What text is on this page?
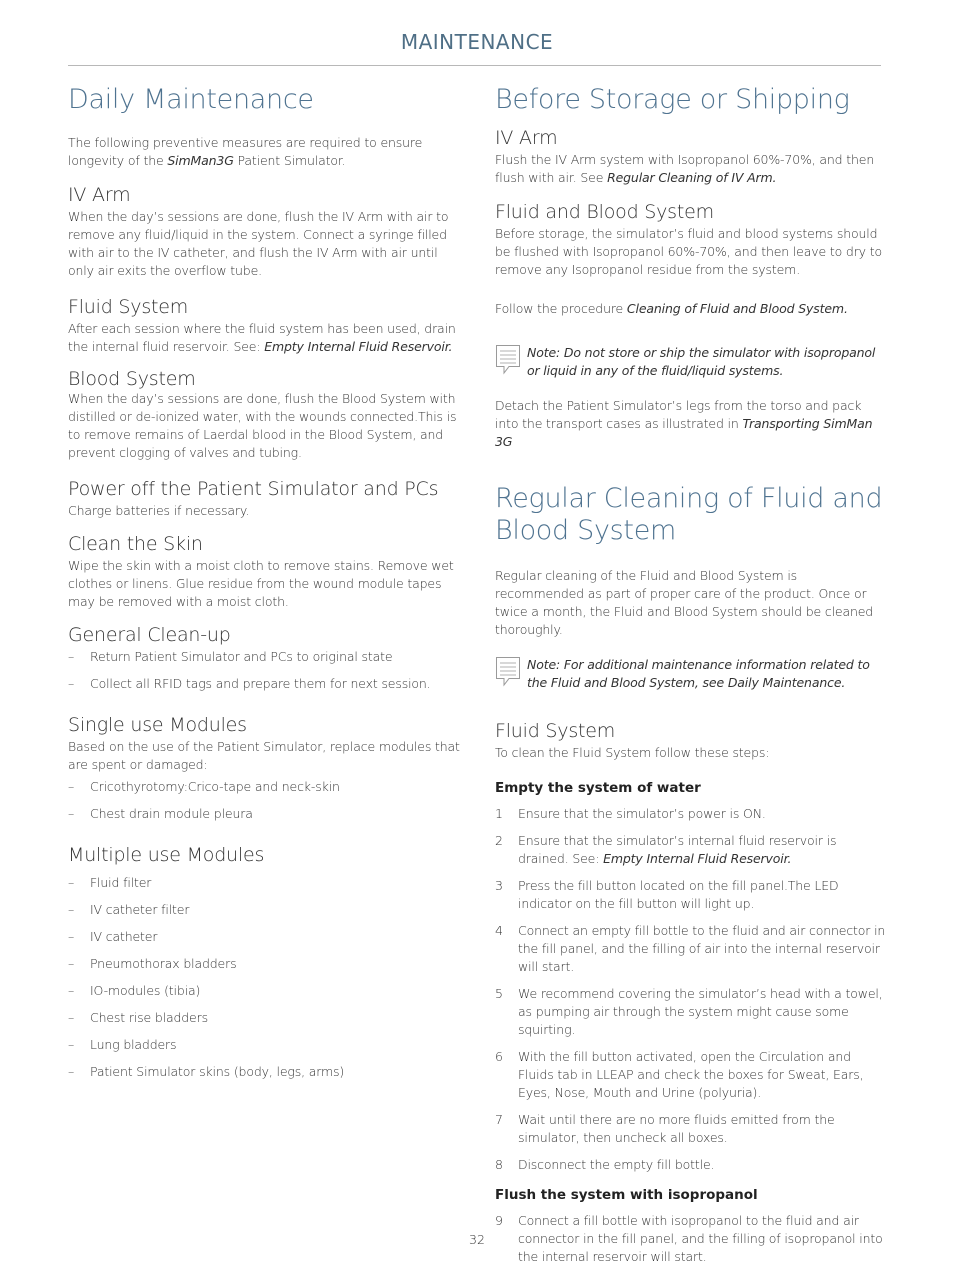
MAINTENANCE
Daily Maintenance

The following preventive measures are required to ensure longevity of the SimMan3G Patient Simulator.

IV Arm

When the day’s sessions are done, flush the IV Arm with air to remove any fluid/liquid in the system. Connect a syringe filled with air to the IV catheter, and flush the IV Arm with air until only air exits the overflow tube.

Fluid System

After each session where the fluid system has been used, drain the internal fluid reservoir. See: Empty Internal Fluid Reservoir.

Blood System

When the day’s sessions are done, flush the Blood System with distilled or de-ionized water, with the wounds connected.This is to remove remains of Laerdal blood in the Blood System, and prevent clogging of valves and tubing.

Power off the Patient Simulator and PCs

Charge batteries if necessary.

Clean the Skin

Wipe the skin with a moist cloth to remove stains. Remove wet clothes or linens. Glue residue from the wound module tapes may be removed with a moist cloth.

General Clean-up
– Return Patient Simulator and PCs to original state
– Collect all RFID tags and prepare them for next session.
Single use Modules

Based on the use of the Patient Simulator, replace modules that are spent or damaged:

– Cricothyrotomy:Crico-tape and neck-skin
– Chest drain module pleura
Multiple use Modules
– Fluid filter
– IV catheter filter
– IV catheter
– Pneumothorax bladders
– IO-modules (tibia)
– Chest rise bladders
– Lung bladders
– Patient Simulator skins (body, legs, arms)
Before Storage or Shipping
IV Arm

Flush the IV Arm system with Isopropanol 60%-70%, and then flush with air. See Regular Cleaning of IV Arm.

Fluid and Blood System

Before storage, the simulator’s fluid and blood systems should be flushed with Isopropanol 60%-70%, and then leave to dry to remove any Isopropanol residue from the system.

Follow the procedure Cleaning of Fluid and Blood System.

Note: Do not store or ship the simulator with isopropanol or liquid in any of the fluid/liquid systems.

Detach the Patient Simulator’s legs from the torso and pack into the transport cases as illustrated in Transporting SimMan 3G

Regular Cleaning of Fluid and Blood System

Regular cleaning of the Fluid and Blood System is recommended as part of proper care of the product. Once or twice a month, the Fluid and Blood System should be cleaned thoroughly.

Note: For additional maintenance information related to the Fluid and Blood System, see Daily Maintenance.

Fluid System

To clean the Fluid System follow these steps:

Empty the system of water
1 Ensure that the simulator’s power is ON.
2 Ensure that the simulator’s internal fluid reservoir is drained. See: Empty Internal Fluid Reservoir.
3 Press the fill button located on the fill panel.The LED indicator on the fill button will light up.
4 Connect an empty fill bottle to the fluid and air connector in the fill panel, and the filling of air into the internal reservoir will start.
5 We recommend covering the simulator’s head with a towel, as pumping air through the system might cause some squirting.
6 With the fill button activated, open the Circulation and Fluids tab in LLEAP and check the boxes for Sweat, Ears, Eyes, Nose, Mouth and Urine (polyuria).
7 Wait until there are no more fluids emitted from the simulator, then uncheck all boxes.
8 Disconnect the empty fill bottle.
Flush the system with isopropanol
9 Connect a fill bottle with isopropanol to the fluid and air connector in the fill panel, and the filling of isopropanol into the internal reservoir will start.
32
